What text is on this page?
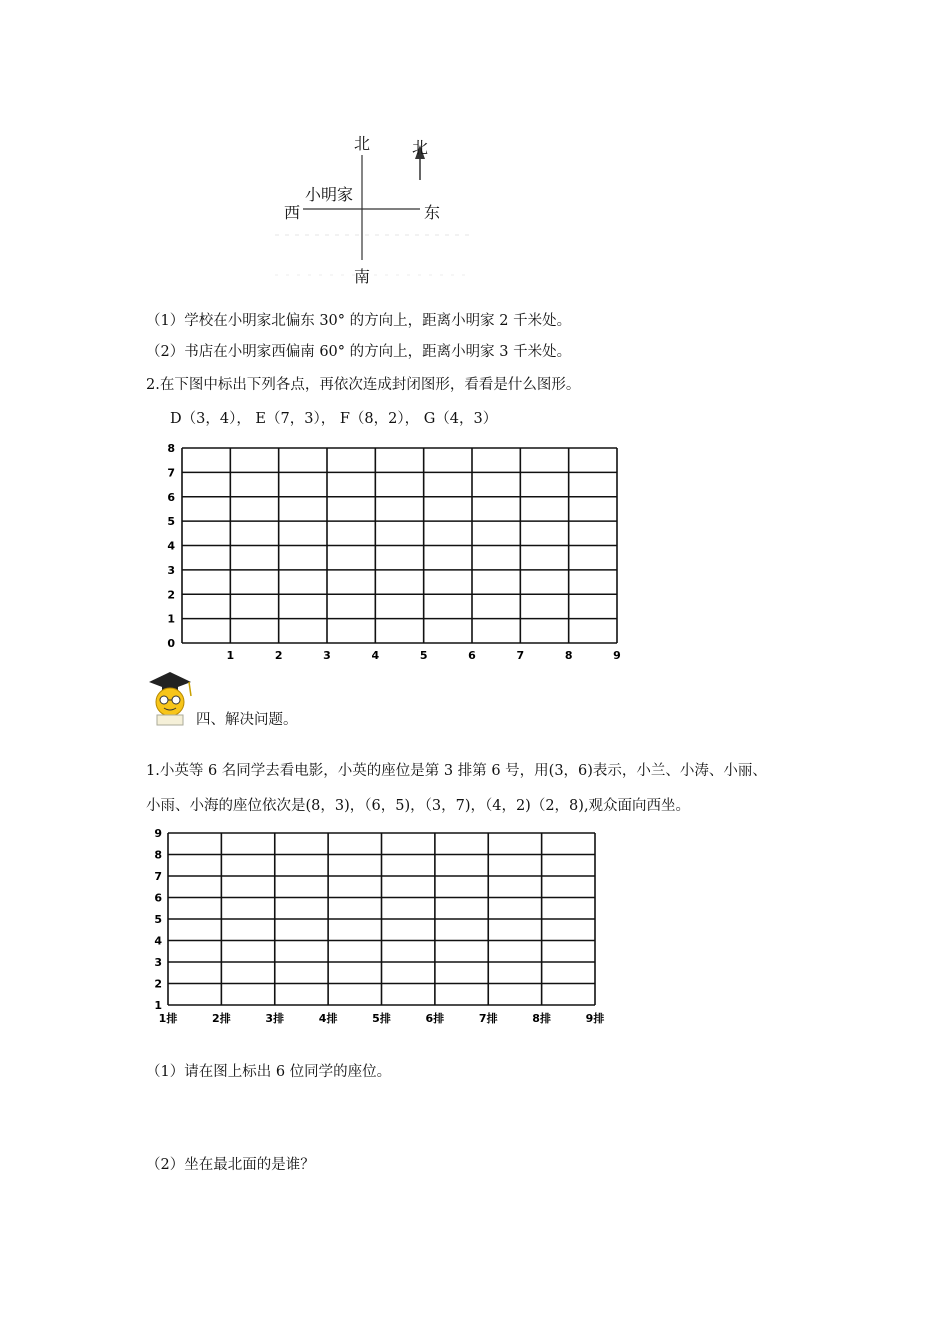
北
南
西	东
小明家
北
（1）学校在小明家北偏东 30° 的方向上，距离小明家 2 千米处。
（2）书店在小明家西偏南 60° 的方向上，距离小明家 3 千米处。
2.在下图中标出下列各点，再依次连成封闭图形，看看是什么图形。
D（3，4）， E（7，3）， F（8，2）， G（4，3）
1	2	3	4	5	6	7	8	9
0
1
2
3
4
5
6
7
8
四、解决问题。
1.小英等 6 名同学去看电影，小英的座位是第 3 排第 6 号，用(3，6)表示，小兰、小涛、小丽、
小雨、小海的座位依次是(8，3)，（6，5)，（3，7)，（4，2)（2，8),观众面向西坐。
1排	2排	3排	4排	5排	6排	7排	8排	9排
1
2
3
4
5
6
7
8
9
（1）请在图上标出 6 位同学的座位。
（2）坐在最北面的是谁？
